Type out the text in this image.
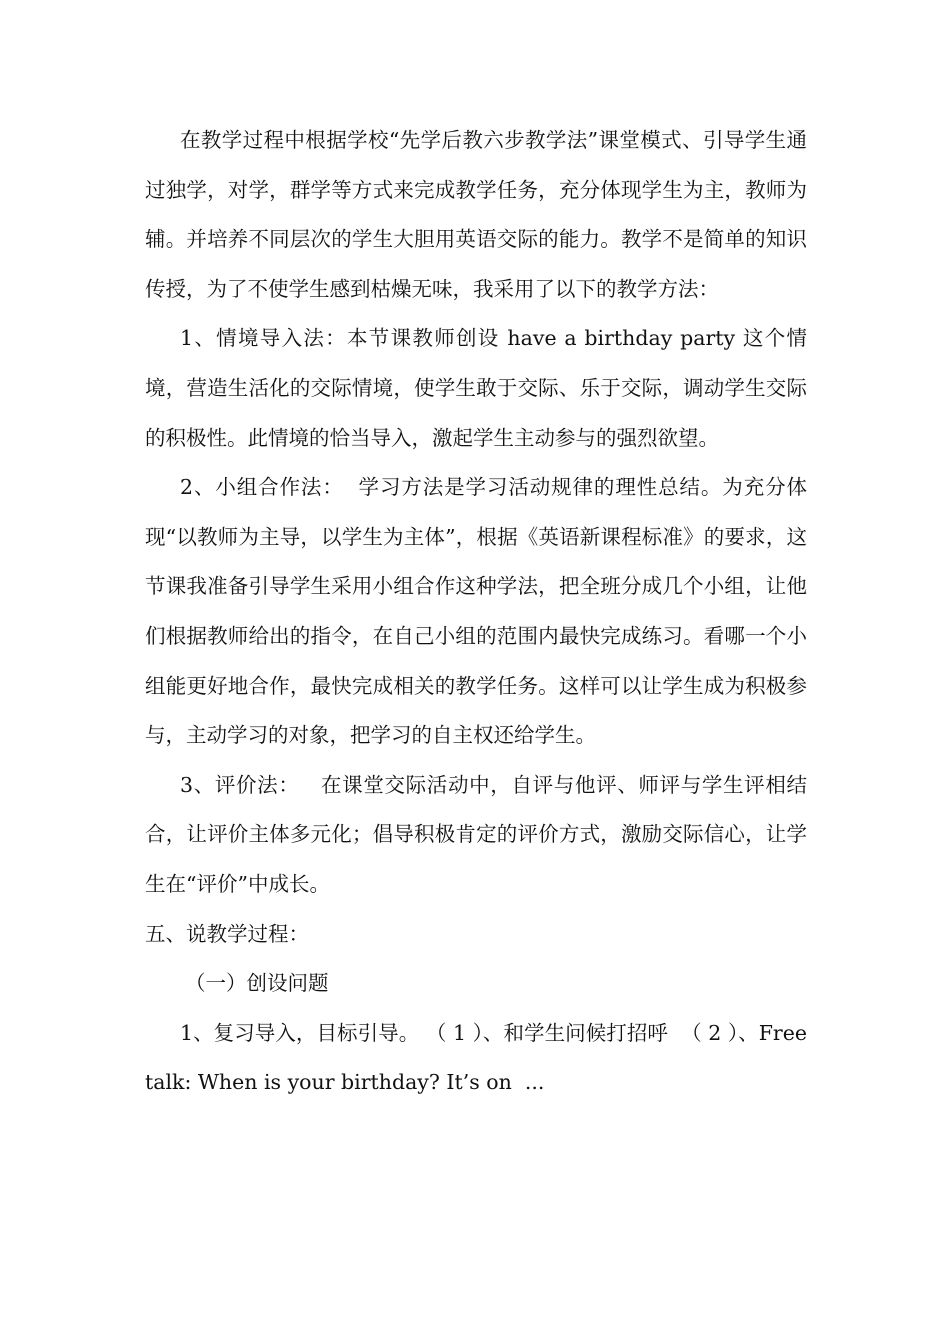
在教学过程中根据学校“先学后教六步教学法”课堂模式、引导学生通过独学，对学，群学等方式来完成教学任务，充分体现学生为主，教师为辅。并培养不同层次的学生大胆用英语交际的能力。教学不是简单的知识传授，为了不使学生感到枯燥无味，我采用了以下的教学方法：

1、情境导入法：本节课教师创设 have a birthday party 这个情境，营造生活化的交际情境，使学生敢于交际、乐于交际，调动学生交际的积极性。此情境的恰当导入，激起学生主动参与的强烈欲望。

2、小组合作法：  学习方法是学习活动规律的理性总结。为充分体现“以教师为主导，以学生为主体”，根据《英语新课程标准》的要求，这节课我准备引导学生采用小组合作这种学法，把全班分成几个小组，让他们根据教师给出的指令，在自己小组的范围内最快完成练习。看哪一个小组能更好地合作，最快完成相关的教学任务。这样可以让学生成为积极参与，主动学习的对象，把学习的自主权还给学生。

3、评价法：   在课堂交际活动中，自评与他评、师评与学生评相结合，让评价主体多元化；倡导积极肯定的评价方式，激励交际信心，让学生在“评价”中成长。

五、说教学过程：

（一）创设问题

1、复习导入，目标引导。 （ 1 ）、和学生问候打招呼  （ 2 ）、Free talk: When is your birthday? It’s on  ...
